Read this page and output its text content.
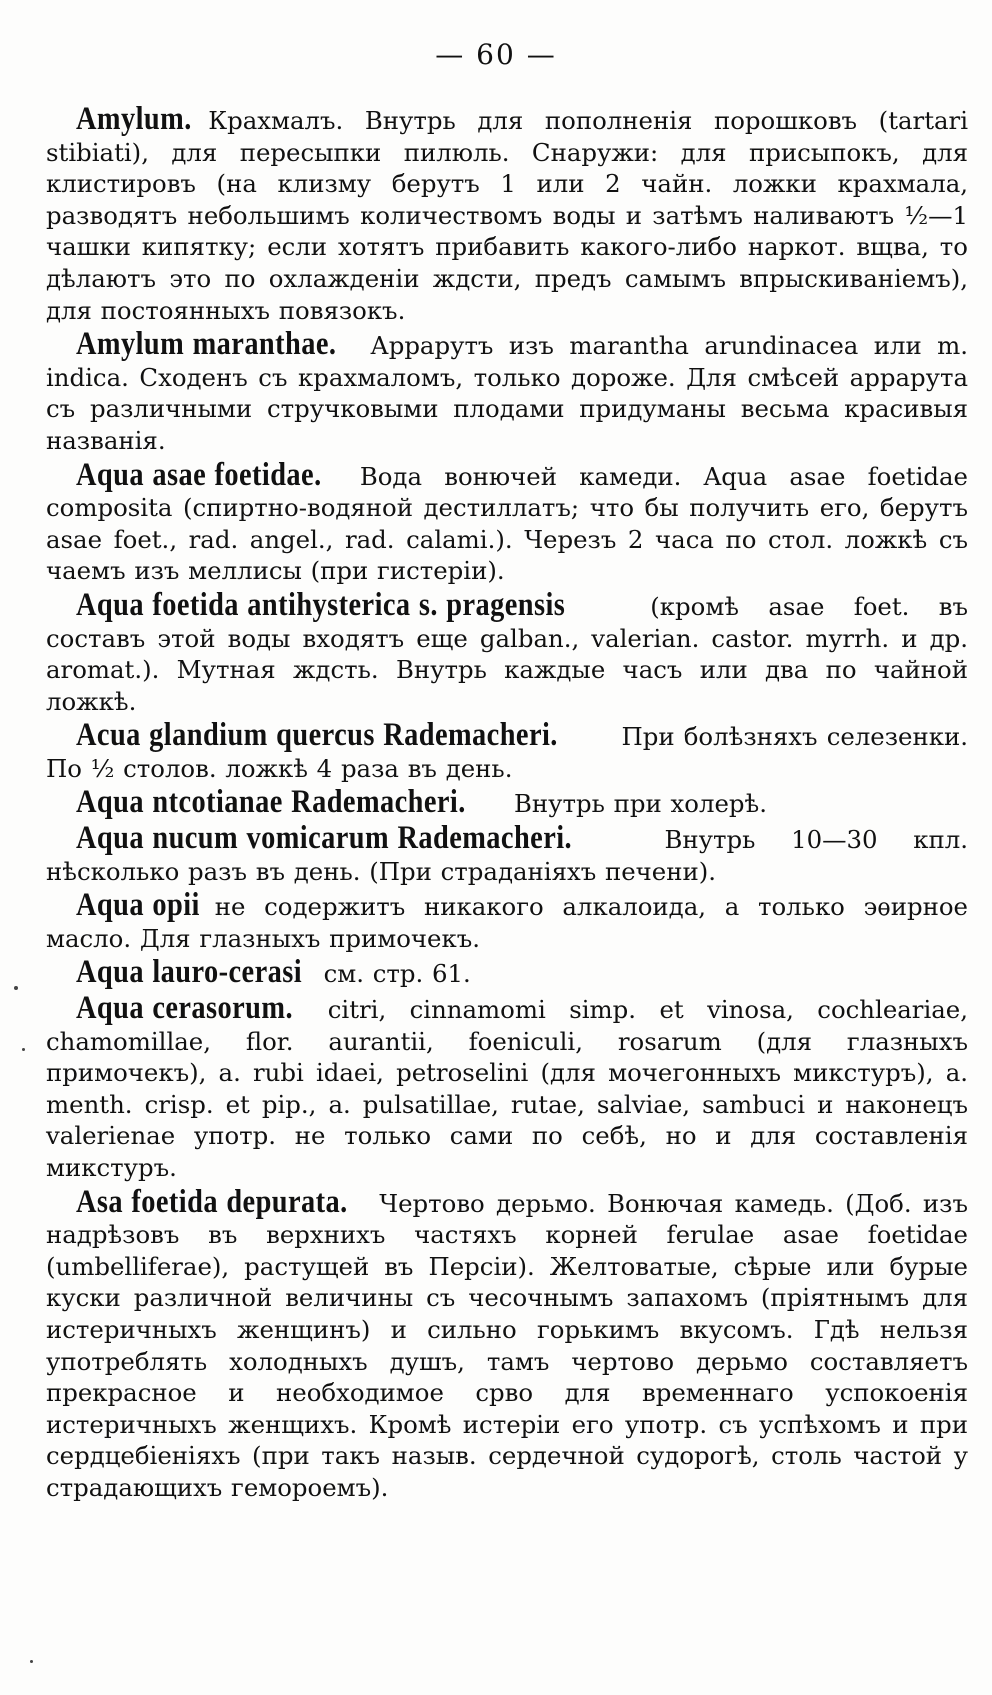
— 60 —

Amylum. Крахмалъ. Внутрь для пополненія порошковъ (tartari stibiati), для пересыпки пилюль. Снаружи: для присыпокъ, для клистировъ (на клизму берутъ 1 или 2 чайн. ложки крахмала, разводятъ небольшимъ количествомъ воды и затѣмъ наливаютъ ½—1 чашки кипятку; если хотятъ прибавить какого-либо наркот. вщва, то дѣлаютъ это по охлажденіи ждсти, предъ самымъ впрыскиваніемъ), для постоянныхъ повязокъ.

Amylum maranthae. Аррарутъ изъ marantha arundinacea или m. indica. Сходенъ съ крахмаломъ, только дороже. Для смѣсей аррарута съ различными стручковыми плодами придуманы весьма красивыя названія.

Aqua asae foetidae. Вода вонючей камеди. Aqua asae foetidae composita (спиртно-водяной дестиллатъ; что бы получить его, берутъ asae foet., rad. angel., rad. calami.). Черезъ 2 часа по стол. ложкѣ съ чаемъ изъ меллисы (при гистеріи).

Aqua foetida antihysterica s. pragensis	(кромѣ asae foet. въ составъ этой воды входятъ еще galban., valerian. castor. myrrh. и др. aromat.). Мутная ждсть. Внутрь каждые часъ или два по чайной ложкѣ.

Acua glandium quercus Rademacheri.	При болѣзняхъ селезенки. По ½ столов. ложкѣ 4 раза въ день.

Aqua ntcotianae Rademacheri. Внутрь при холерѣ.

Aqua nucum vomicarum Rademacheri.	Внутрь 10—30 кпл. нѣсколько разъ въ день. (При страданіяхъ печени).

Aqua opii не содержитъ никакого алкалоида, а только эѳирное масло. Для глазныхъ примочекъ.

Aqua lauro-cerasi см. стр. 61.

Aqua cerasorum. citri, cinnamomi simp. et vinosa, cochleariae, chamomillae, flor. aurantii, foeniculi, rosarum (для глазныхъ примочекъ), a. rubi idaei, petroselini (для мочегонныхъ микстуръ), a. menth. crisp. et pip., a. pulsatillae, rutae, salviae, sambuci и наконецъ valerienae употр. не только сами по себѣ, но и для составленія микстуръ.

Asa foetida depurata. Чертово дерьмо. Вонючая камедь. (Доб. изъ надрѣзовъ въ верхнихъ частяхъ корней ferulae asae foetidae (umbelliferae), растущей въ Персіи). Желтоватые, сѣрые или бурые куски различной величины съ чесочнымъ запахомъ (пріятнымъ для истеричныхъ женщинъ) и сильно горькимъ вкусомъ. Гдѣ нельзя употреблять холодныхъ душъ, тамъ чертово дерьмо составляетъ прекрасное и необходимое срво для временнаго успокоенія истеричныхъ женщихъ. Кромѣ истеріи его употр. съ успѣхомъ и при сердцебіеніяхъ (при такъ назыв. сердечной судорогѣ, столь частой у страдающихъ гемороемъ).
